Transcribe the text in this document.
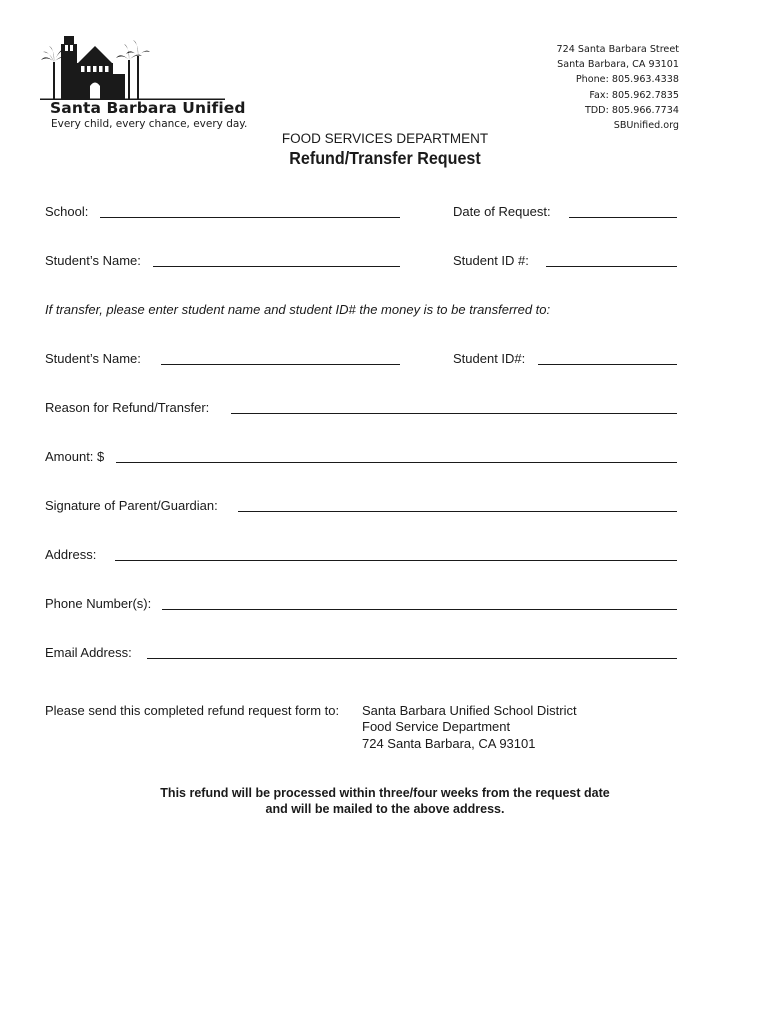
Santa Barbara Unified
Every child, every chance, every day.
724 Santa Barbara Street
Santa Barbara, CA 93101
Phone: 805.963.4338
Fax: 805.962.7835
TDD: 805.966.7734
SBUnified.org
FOOD SERVICES DEPARTMENT
Refund/Transfer Request
School:	Date of Request:
Student’s Name:	Student ID #:
If transfer, please enter student name and student ID# the money is to be transferred to:
Student’s Name:	Student ID#:
Reason for Refund/Transfer:
Amount: $
Signature of Parent/Guardian:
Address:
Phone Number(s):
Email Address:
Please send this completed refund request form to: Santa Barbara Unified School District
Food Service Department
724 Santa Barbara, CA 93101
This refund will be processed within three/four weeks from the request date
and will be mailed to the above address.
